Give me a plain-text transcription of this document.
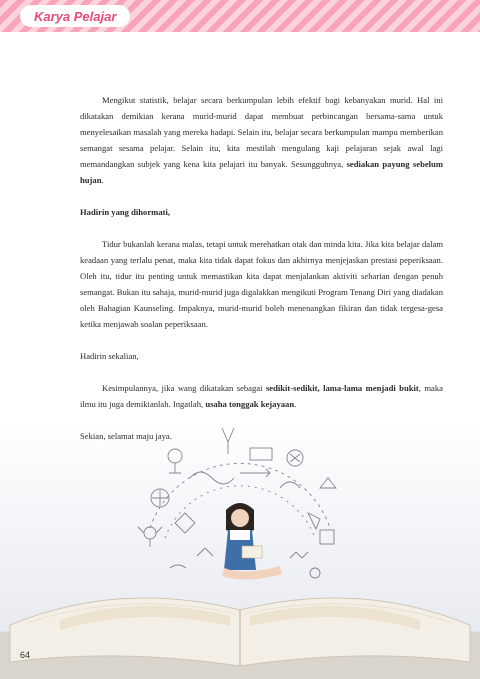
Karya Pelajar

Mengikut statistik, belajar secara berkumpulan lebih efektif bagi kebanyakan murid. Hal ini dikatakan demikian kerana murid-murid dapat membuat perbincangan bersama-sama untuk menyelesaikan masalah yang mereka hadapi. Selain itu, belajar secara berkumpulan mampu memberikan semangat sesama pelajar. Selain itu, kita mestilah mengulang kaji pelajaran sejak awal lagi memandangkan subjek yang kena kita pelajari itu banyak. Sesungguhnya, sediakan payung sebelum hujan.

Hadirin yang dihormati,

Tidur bukanlah kerana malas, tetapi untuk merehatkan otak dan minda kita. Jika kita belajar dalam keadaan yang terlalu penat, maka kita tidak dapat fokus dan akhirnya menjejaskan prestasi peperiksaan. Oleh itu, tidur itu penting untuk memastikan kita dapat menjalankan aktiviti seharian dengan penuh semangat. Bukan itu sahaja, murid-murid juga digalakkan mengikuti Program Tenang Diri yang diadakan oleh Bahagian Kaunseling. Impaknya, murid-murid boleh menenangkan fikiran dan tidak tergesa-gesa ketika menjawab soalan peperiksaan.

Hadirin sekalian,

Kesimpulannya, jika wang dikatakan sebagai sedikit-sedikit, lama-lama menjadi bukit, maka ilmu itu juga demikianlah. Ingatlah, usaha tonggak kejayaan.

Sekian, selamat maju jaya.

64
